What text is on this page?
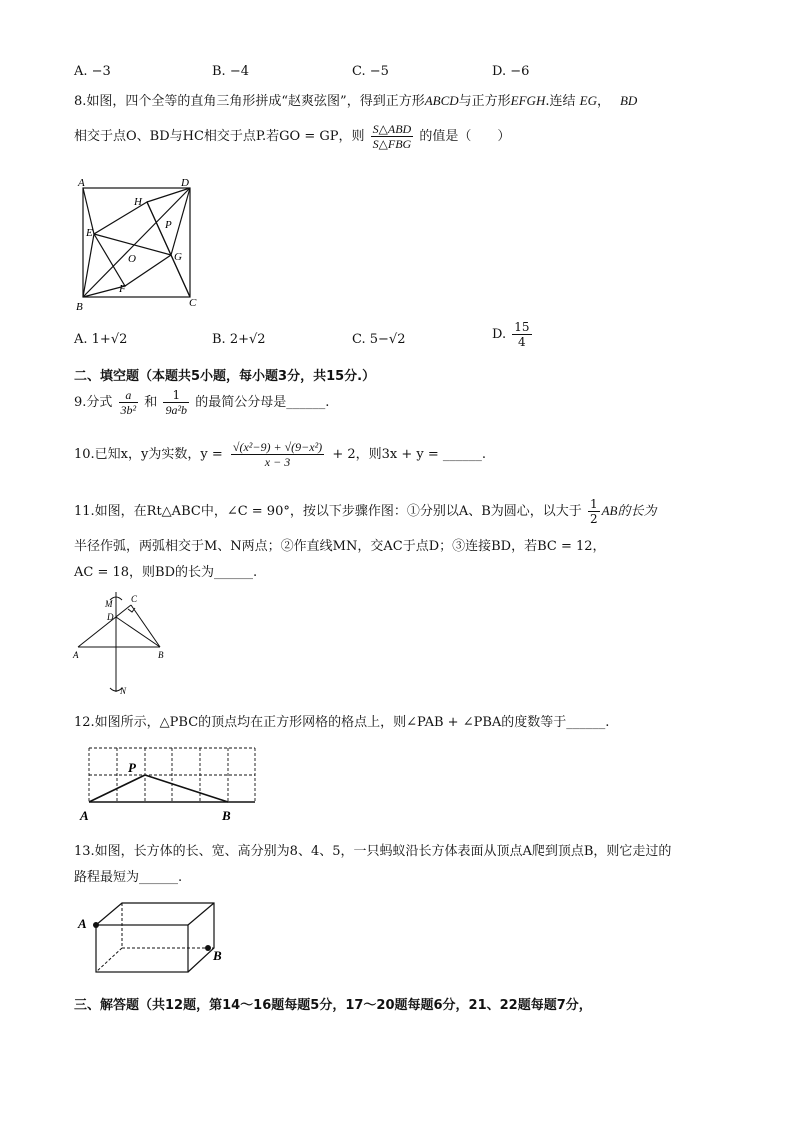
A. −3	B. −4	C. −5	D. −6
8.如图，四个全等的直角三角形拼成“赵爽弦图”，得到正方形ABCD与正方形EFGH.连结 EG， BD
相交于点O、BD与HC相交于点P.若GO = GP，则 $\frac{\text{S△ABD}}{\text{S△FBG}}$ 的值是（　　）
A	D
H
P
E
O	G
F
B	C
A. 1+√2	B. 2+√2	C. 5−√2	D. $\frac{15}{4}$
二、填空题（本题共5小题，每小题3分，共15分.）
9.分式 $\frac{a}{\text{3b²}}$ 和 $\frac{1}{\text{9a²b}}$ 的最简公分母是______.
10.已知x，y为实数，$y = \frac{\text{√(x²−9) + √(9−x²)}}{x - 3} + 2$，则3x + y = ______.
11.如图，在Rt△ABC中，∠C = 90°，按以下步骤作图：①分别以A、B为圆心，以大于 $\frac{1}{2}$ AB的长为
半径作弧，两弧相交于M、N两点；②作直线MN，交AC于点D；③连接BD，若BC = 12，
AC = 18，则BD的长为______.
M C
D
A	B
N
12.如图所示，△PBC的顶点均在正方形网格的格点上，则∠PAB + ∠PBA的度数等于______.
P
A	B
13.如图，长方体的长、宽、高分别为8、4、5，一只蚂蚁沿长方体表面从顶点A爬到顶点B，则它走过的
路程最短为______.
A
B
三、解答题（共12题，第14～16题每题5分，17～20题每题6分，21、22题每题7分，
